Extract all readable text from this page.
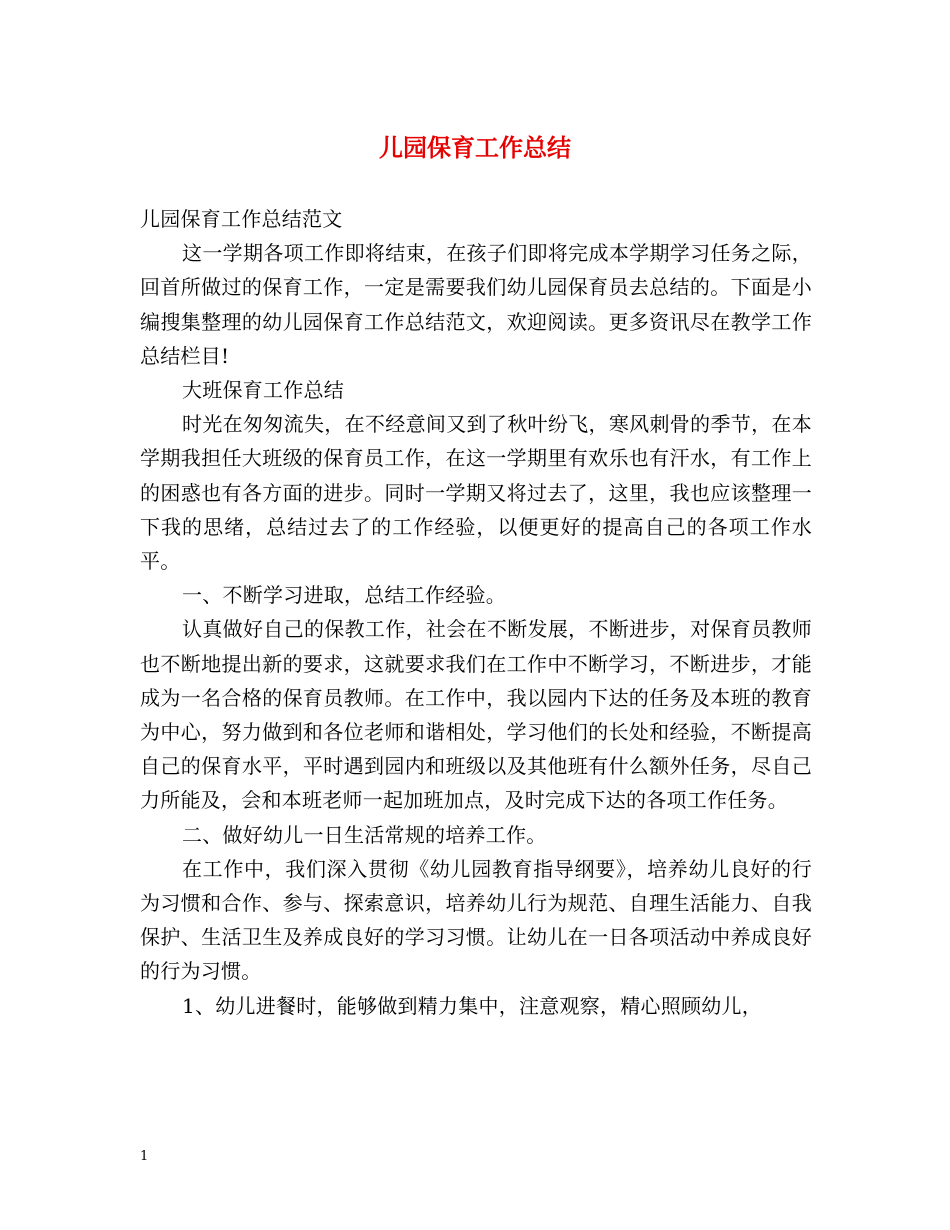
儿园保育工作总结

儿园保育工作总结范文

这一学期各项工作即将结束，在孩子们即将完成本学期学习任务之际，回首所做过的保育工作，一定是需要我们幼儿园保育员去总结的。下面是小编搜集整理的幼儿园保育工作总结范文，欢迎阅读。更多资讯尽在教学工作总结栏目!

大班保育工作总结

时光在匆匆流失，在不经意间又到了秋叶纷飞，寒风刺骨的季节，在本学期我担任大班级的保育员工作，在这一学期里有欢乐也有汗水，有工作上的困惑也有各方面的进步。同时一学期又将过去了，这里，我也应该整理一下我的思绪，总结过去了的工作经验，以便更好的提高自己的各项工作水平。

一、不断学习进取，总结工作经验。

认真做好自己的保教工作，社会在不断发展，不断进步，对保育员教师也不断地提出新的要求，这就要求我们在工作中不断学习，不断进步，才能成为一名合格的保育员教师。在工作中，我以园内下达的任务及本班的教育为中心，努力做到和各位老师和谐相处，学习他们的长处和经验，不断提高自己的保育水平，平时遇到园内和班级以及其他班有什么额外任务，尽自己力所能及，会和本班老师一起加班加点，及时完成下达的各项工作任务。

二、做好幼儿一日生活常规的培养工作。

在工作中，我们深入贯彻《幼儿园教育指导纲要》，培养幼儿良好的行为习惯和合作、参与、探索意识，培养幼儿行为规范、自理生活能力、自我保护、生活卫生及养成良好的学习习惯。让幼儿在一日各项活动中养成良好的行为习惯。

1、幼儿进餐时，能够做到精力集中，注意观察，精心照顾幼儿，

1
